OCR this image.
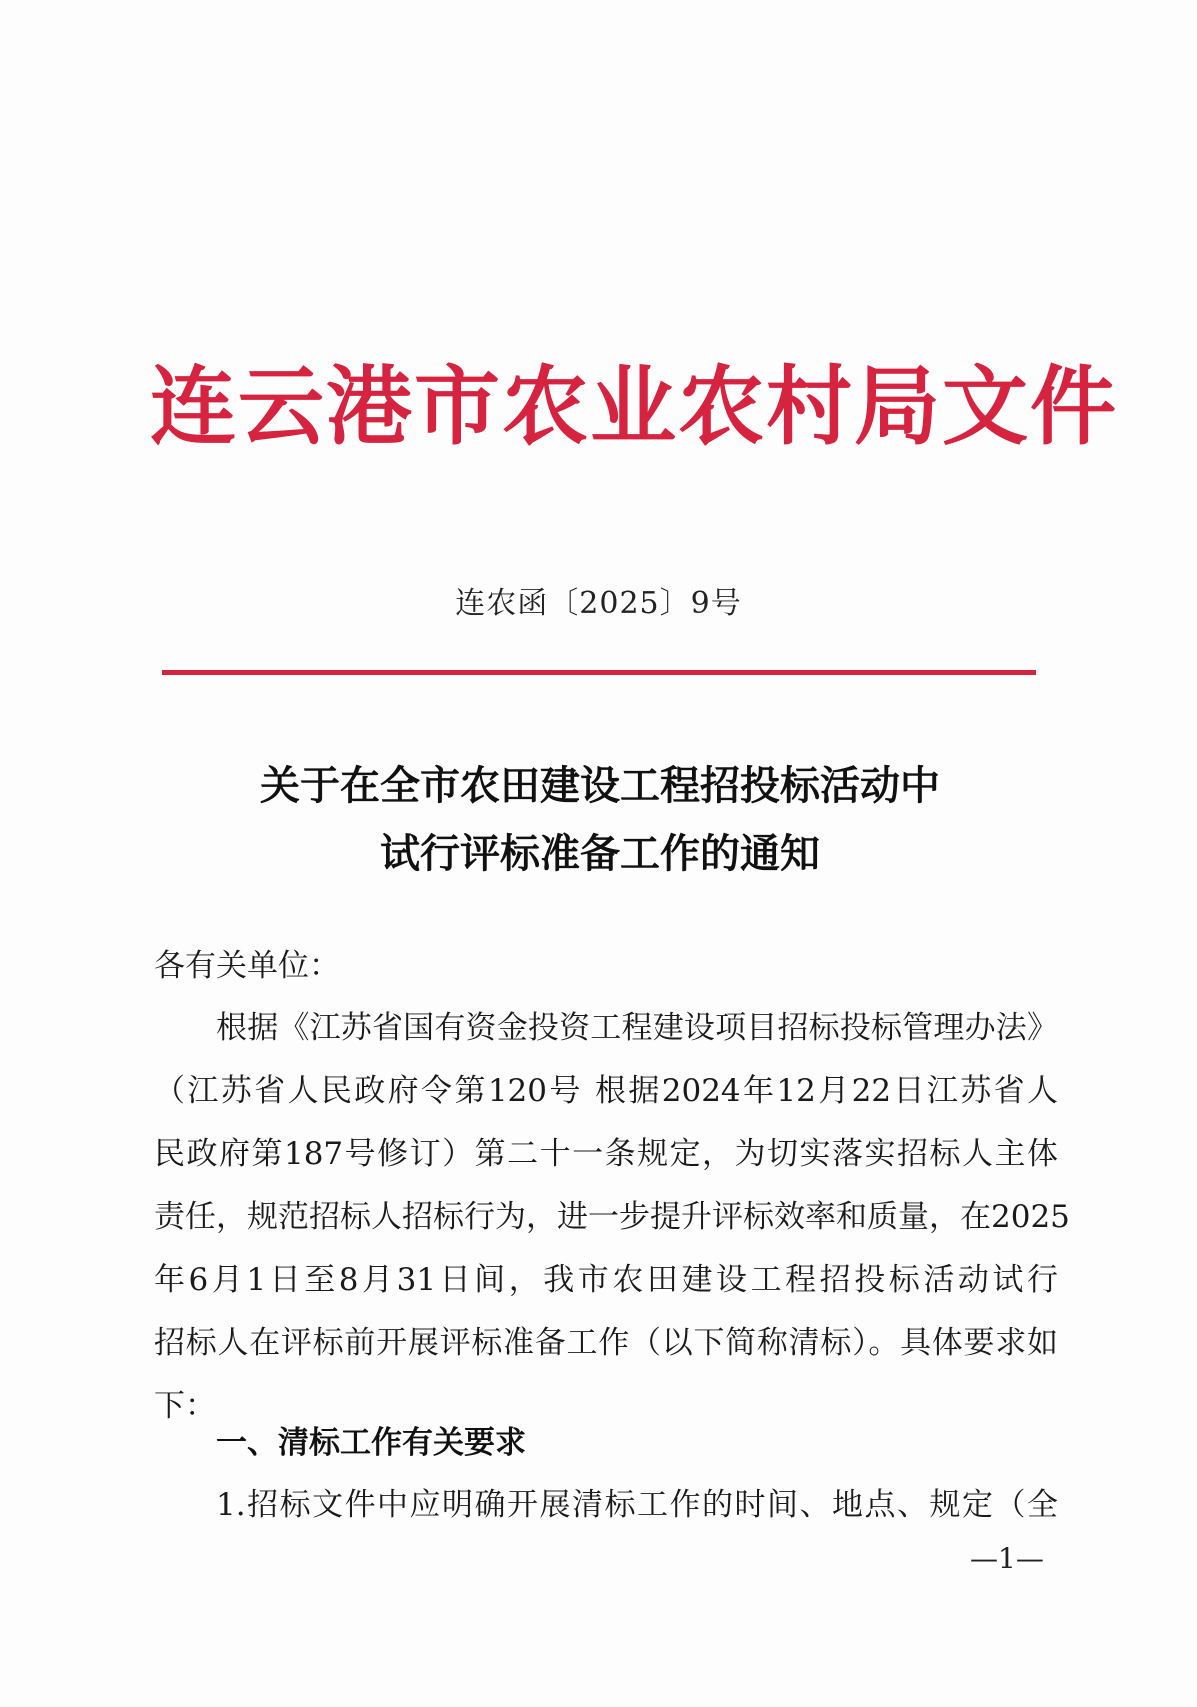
连云港市农业农村局文件
连农函〔2025〕9号
关于在全市农田建设工程招投标活动中
试行评标准备工作的通知
各有关单位：
根据《江苏省国有资金投资工程建设项目招标投标管理办法》
（江苏省人民政府令第120号 根据2024年12月22日江苏省人
民政府第187号修订）第二十一条规定，为切实落实招标人主体
责任，规范招标人招标行为，进一步提升评标效率和质量，在2025
年6月1日至8月31日间，我市农田建设工程招投标活动试行
招标人在评标前开展评标准备工作（以下简称清标）。具体要求如
下：
一、清标工作有关要求
1.招标文件中应明确开展清标工作的时间、地点、规定（全
—1—
